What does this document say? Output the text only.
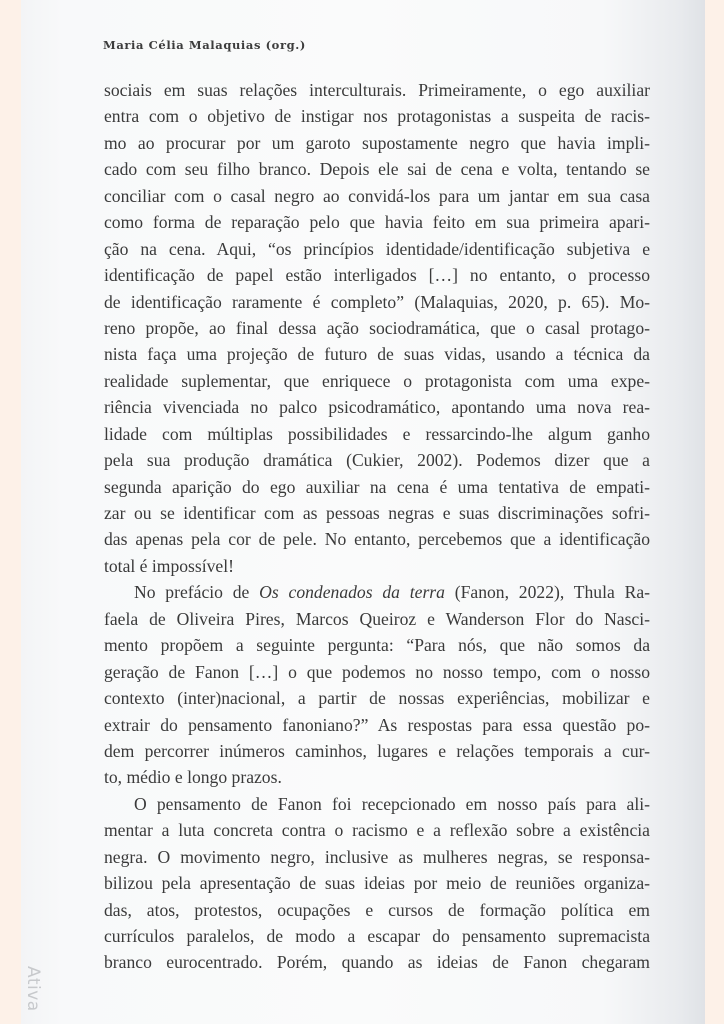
Maria Célia Malaquias (org.)
sociais em suas relações interculturais. Primeiramente, o ego auxiliar
entra com o objetivo de instigar nos protagonistas a suspeita de racis-
mo ao procurar por um garoto supostamente negro que havia impli-
cado com seu filho branco. Depois ele sai de cena e volta, tentando se
conciliar com o casal negro ao convidá-los para um jantar em sua casa
como forma de reparação pelo que havia feito em sua primeira apari-
ção na cena. Aqui, “os princípios identidade/identificação subjetiva e
identificação de papel estão interligados […] no entanto, o processo
de identificação raramente é completo” (Malaquias, 2020, p. 65). Mo-
reno propõe, ao final dessa ação sociodramática, que o casal protago-
nista faça uma projeção de futuro de suas vidas, usando a técnica da
realidade suplementar, que enriquece o protagonista com uma expe-
riência vivenciada no palco psicodramático, apontando uma nova rea-
lidade com múltiplas possibilidades e ressarcindo-lhe algum ganho
pela sua produção dramática (Cukier, 2002). Podemos dizer que a
segunda aparição do ego auxiliar na cena é uma tentativa de empati-
zar ou se identificar com as pessoas negras e suas discriminações sofri-
das apenas pela cor de pele. No entanto, percebemos que a identificação
total é impossível!
No prefácio de Os condenados da terra (Fanon, 2022), Thula Ra-
faela de Oliveira Pires, Marcos Queiroz e Wanderson Flor do Nasci-
mento propõem a seguinte pergunta: “Para nós, que não somos da
geração de Fanon […] o que podemos no nosso tempo, com o nosso
contexto (inter)nacional, a partir de nossas experiências, mobilizar e
extrair do pensamento fanoniano?” As respostas para essa questão po-
dem percorrer inúmeros caminhos, lugares e relações temporais a cur-
to, médio e longo prazos.
O pensamento de Fanon foi recepcionado em nosso país para ali-
mentar a luta concreta contra o racismo e a reflexão sobre a existência
negra. O movimento negro, inclusive as mulheres negras, se responsa-
bilizou pela apresentação de suas ideias por meio de reuniões organiza-
das, atos, protestos, ocupações e cursos de formação política em
currículos paralelos, de modo a escapar do pensamento supremacista
branco eurocentrado. Porém, quando as ideias de Fanon chegaram
Ativa
